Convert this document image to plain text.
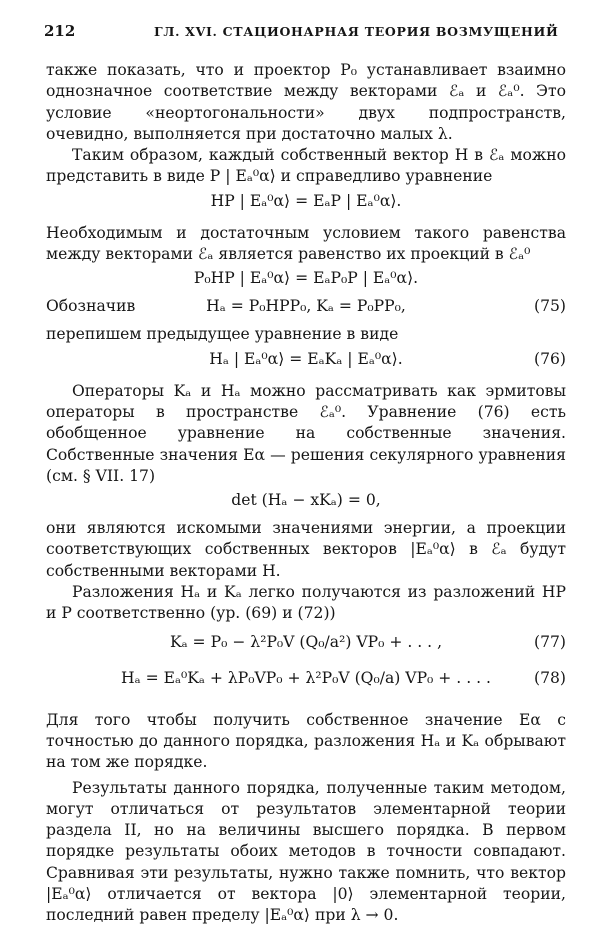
212	ГЛ. XVI. СТАЦИОНАРНАЯ ТЕОРИЯ ВОЗМУЩЕНИЙ

также показать, что и проектор P₀ устанавливает взаимно однозначное соответствие между векторами ℰₐ и ℰₐ⁰. Это условие «неортогональности» двух подпространств, очевидно, выполняется при достаточно малых λ.

Таким образом, каждый собственный вектор H в ℰₐ можно представить в виде P | Eₐ⁰α⟩ и справедливо уравнение

HP | Eₐ⁰α⟩ = EₐP | Eₐ⁰α⟩.

Необходимым и достаточным условием такого равенства между векторами ℰₐ является равенство их проекций в ℰₐ⁰

P₀HP | Eₐ⁰α⟩ = EₐP₀P | Eₐ⁰α⟩.
Обозначив	Hₐ = P₀HPP₀, Kₐ = P₀PP₀,	(75)

перепишем предыдущее уравнение в виде

Hₐ | Eₐ⁰α⟩ = EₐKₐ | Eₐ⁰α⟩.	(76)

Операторы Kₐ и Hₐ можно рассматривать как эрмитовы операторы в пространстве ℰₐ⁰. Уравнение (76) есть обобщенное уравнение на собственные значения. Собственные значения Eα — решения секулярного уравнения (см. § VII. 17)

det (Hₐ − xKₐ) = 0,

они являются искомыми значениями энергии, а проекции соответствующих собственных векторов |Eₐ⁰α⟩ в ℰₐ будут собственными векторами H.

Разложения Hₐ и Kₐ легко получаются из разложений HP и P соответственно (ур. (69) и (72))

Kₐ = P₀ − λ²P₀V (Q₀/a²) VP₀ + . . . ,	(77)
Hₐ = Eₐ⁰Kₐ + λP₀VP₀ + λ²P₀V (Q₀/a) VP₀ + . . . .	(78)

Для того чтобы получить собственное значение Eα с точностью до данного порядка, разложения Hₐ и Kₐ обрывают на том же порядке.

Результаты данного порядка, полученные таким методом, могут отличаться от результатов элементарной теории раздела II, но на величины высшего порядка. В первом порядке результаты обоих методов в точности совпадают. Сравнивая эти результаты, нужно также помнить, что вектор |Eₐ⁰α⟩ отличается от вектора |0⟩ элементарной теории, последний равен пределу |Eₐ⁰α⟩ при λ → 0.
